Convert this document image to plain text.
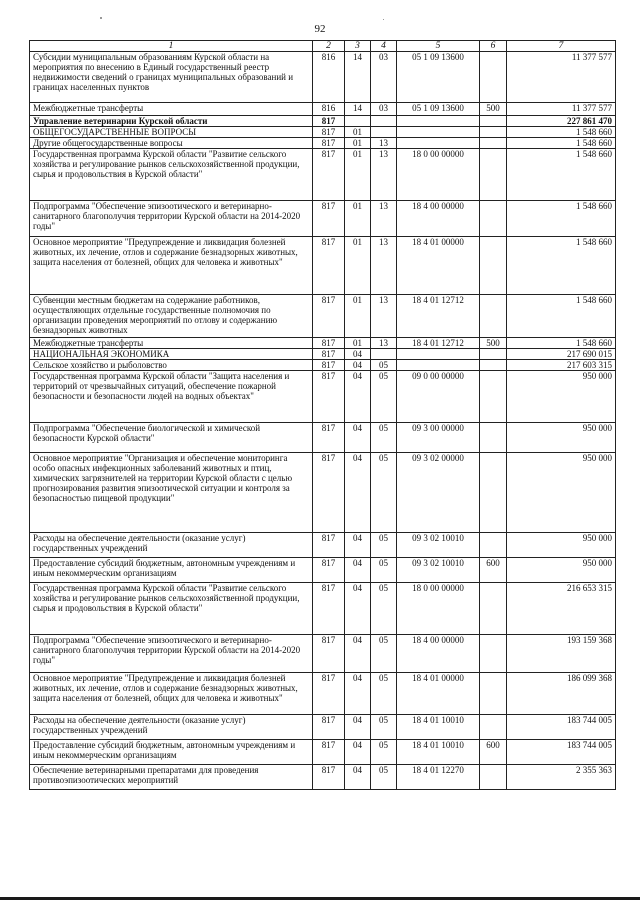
92
1	2	3	4	5	6	7
Субсидии муниципальным образованиям Курской области на мероприятия по внесению в Единый государственный реестр недвижимости сведений о границах муниципальных образований и границах населенных пунктов	816	14	03	05 1 09 13600		11 377 577
Межбюджетные трансферты	816	14	03	05 1 09 13600	500	11 377 577
Управление ветеринарии Курской области	817					227 861 470
ОБЩЕГОСУДАРСТВЕННЫЕ ВОПРОСЫ	817	01				1 548 660
Другие общегосударственные вопросы	817	01	13			1 548 660
Государственная программа Курской области "Развитие сельского хозяйства и регулирование рынков сельскохозяйственной продукции, сырья и продовольствия в Курской области"	817	01	13	18 0 00 00000		1 548 660
Подпрограмма "Обеспечение эпизоотического и ветеринарно-санитарного благополучия территории Курской области на 2014-2020 годы"	817	01	13	18 4 00 00000		1 548 660
Основное мероприятие "Предупреждение и ликвидация болезней животных, их лечение, отлов и содержание безнадзорных животных, защита населения от болезней, общих для человека и животных"	817	01	13	18 4 01 00000		1 548 660
Субвенции местным бюджетам на содержание работников, осуществляющих отдельные государственные полномочия по организации проведения мероприятий по отлову и содержанию безнадзорных животных	817	01	13	18 4 01 12712		1 548 660
Межбюджетные трансферты	817	01	13	18 4 01 12712	500	1 548 660
НАЦИОНАЛЬНАЯ ЭКОНОМИКА	817	04				217 690 015
Сельское хозяйство и рыболовство	817	04	05			217 603 315
Государственная программа Курской области "Защита населения и территорий от чрезвычайных ситуаций, обеспечение пожарной безопасности и безопасности людей на водных объектах"	817	04	05	09 0 00 00000		950 000
Подпрограмма "Обеспечение биологической и химической безопасности Курской области"	817	04	05	09 3 00 00000		950 000
Основное мероприятие "Организация и обеспечение мониторинга особо опасных инфекционных заболеваний животных и птиц, химических загрязнителей на территории Курской области с целью прогнозирования развития эпизоотической ситуации и контроля за безопасностью пищевой продукции"	817	04	05	09 3 02 00000		950 000
Расходы на обеспечение деятельности (оказание услуг) государственных учреждений	817	04	05	09 3 02 10010		950 000
Предоставление субсидий бюджетным, автономным учреждениям и иным некоммерческим организациям	817	04	05	09 3 02 10010	600	950 000
Государственная программа Курской области "Развитие сельского хозяйства и регулирование рынков сельскохозяйственной продукции, сырья и продовольствия в Курской области"	817	04	05	18 0 00 00000		216 653 315
Подпрограмма "Обеспечение эпизоотического и ветеринарно-санитарного благополучия территории Курской области на 2014-2020 годы"	817	04	05	18 4 00 00000		193 159 368
Основное мероприятие "Предупреждение и ликвидация болезней животных, их лечение, отлов и содержание безнадзорных животных, защита населения от болезней, общих для человека и животных"	817	04	05	18 4 01 00000		186 099 368
Расходы на обеспечение деятельности (оказание услуг) государственных учреждений	817	04	05	18 4 01 10010		183 744 005
Предоставление субсидий бюджетным, автономным учреждениям и иным некоммерческим организациям	817	04	05	18 4 01 10010	600	183 744 005
Обеспечение ветеринарными препаратами для проведения противоэпизоотических мероприятий	817	04	05	18 4 01 12270		2 355 363
